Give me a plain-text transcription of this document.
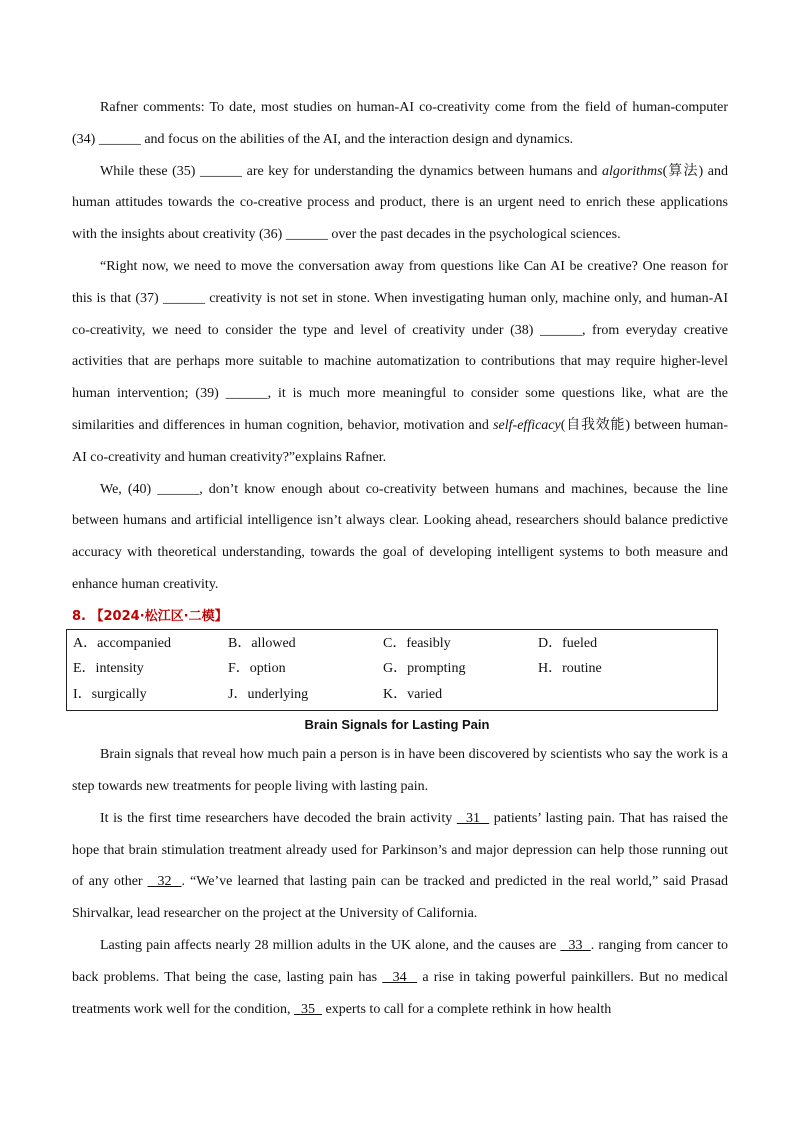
Rafner comments: To date, most studies on human-AI co-creativity come from the field of human-computer (34) ______ and focus on the abilities of the AI, and the interaction design and dynamics.

While these (35) ______ are key for understanding the dynamics between humans and algorithms(算法) and human attitudes towards the co-creative process and product, there is an urgent need to enrich these applications with the insights about creativity (36) ______ over the past decades in the psychological sciences.

“Right now, we need to move the conversation away from questions like Can AI be creative? One reason for this is that (37) ______ creativity is not set in stone. When investigating human only, machine only, and human-AI co-creativity, we need to consider the type and level of creativity under (38) ______, from everyday creative activities that are perhaps more suitable to machine automatization to contributions that may require higher-level human intervention; (39) ______, it is much more meaningful to consider some questions like, what are the similarities and differences in human cognition, behavior, motivation and self-efficacy(自我效能) between human-AI co-creativity and human creativity?”explains Rafner.

We, (40) ______, don’t know enough about co-creativity between humans and machines, because the line between humans and artificial intelligence isn’t always clear. Looking ahead, researchers should balance predictive accuracy with theoretical understanding, towards the goal of developing intelligent systems to both measure and enhance human creativity.

8. 【2024·松江区·二模】
A．accompanied	B．allowed	C．feasibly	D．fueled
E．intensity	F．option	G．prompting	H．routine
I．surgically	J．underlying	K．varied
Brain Signals for Lasting Pain

Brain signals that reveal how much pain a person is in have been discovered by scientists who say the work is a step towards new treatments for people living with lasting pain.

It is the first time researchers have decoded the brain activity   31   patients’ lasting pain. That has raised the hope that brain stimulation treatment already used for Parkinson’s and major depression can help those running out of any other   32  . “We’ve learned that lasting pain can be tracked and predicted in the real world,” said Prasad Shirvalkar, lead researcher on the project at the University of California.

Lasting pain affects nearly 28 million adults in the UK alone, and the causes are   33  . ranging from cancer to back problems. That being the case, lasting pain has   34   a rise in taking powerful painkillers. But no medical treatments work well for the condition,   35   experts to call for a complete rethink in how health
